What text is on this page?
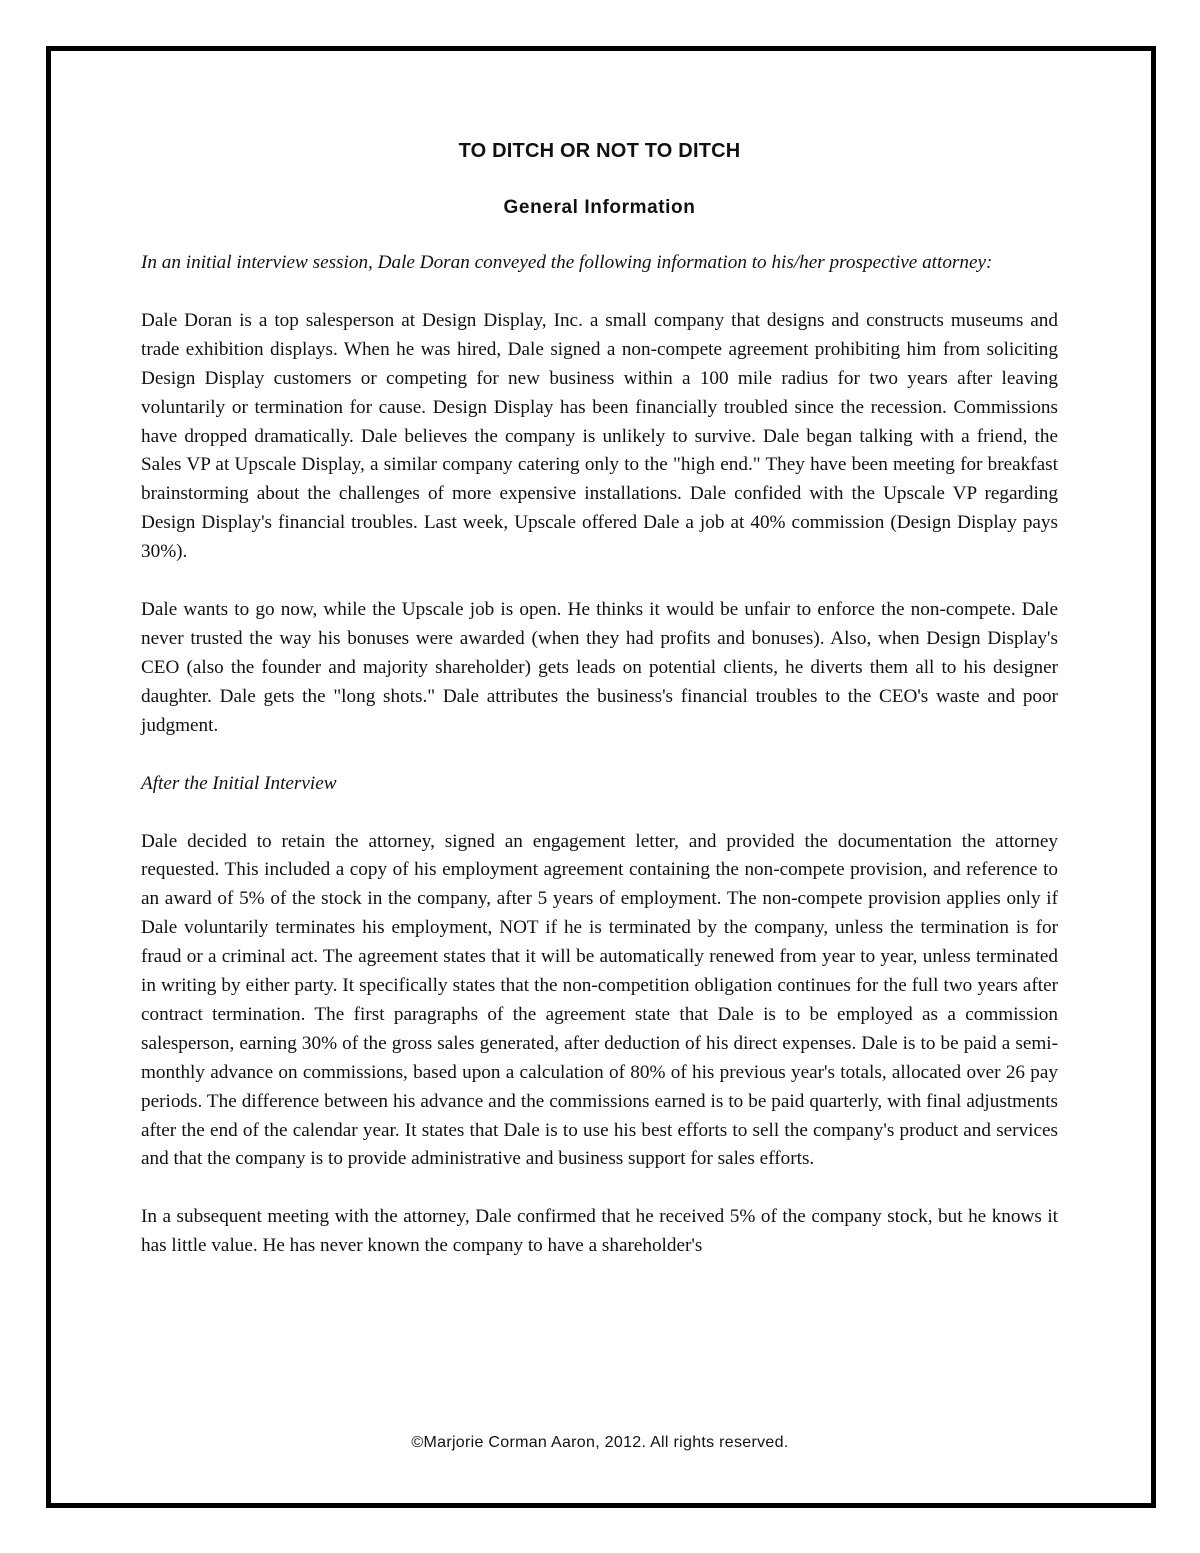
TO DITCH OR NOT TO DITCH
General Information

In an initial interview session, Dale Doran conveyed the following information to his/her prospective attorney:

Dale Doran is a top salesperson at Design Display, Inc. a small company that designs and constructs museums and trade exhibition displays. When he was hired, Dale signed a non-compete agreement prohibiting him from soliciting Design Display customers or competing for new business within a 100 mile radius for two years after leaving voluntarily or termination for cause. Design Display has been financially troubled since the recession. Commissions have dropped dramatically. Dale believes the company is unlikely to survive. Dale began talking with a friend, the Sales VP at Upscale Display, a similar company catering only to the "high end." They have been meeting for breakfast brainstorming about the challenges of more expensive installations. Dale confided with the Upscale VP regarding Design Display's financial troubles. Last week, Upscale offered Dale a job at 40% commission (Design Display pays 30%).

Dale wants to go now, while the Upscale job is open. He thinks it would be unfair to enforce the non-compete. Dale never trusted the way his bonuses were awarded (when they had profits and bonuses). Also, when Design Display's CEO (also the founder and majority shareholder) gets leads on potential clients, he diverts them all to his designer daughter. Dale gets the "long shots." Dale attributes the business's financial troubles to the CEO's waste and poor judgment.

After the Initial Interview

Dale decided to retain the attorney, signed an engagement letter, and provided the documentation the attorney requested. This included a copy of his employment agreement containing the non-compete provision, and reference to an award of 5% of the stock in the company, after 5 years of employment. The non-compete provision applies only if Dale voluntarily terminates his employment, NOT if he is terminated by the company, unless the termination is for fraud or a criminal act. The agreement states that it will be automatically renewed from year to year, unless terminated in writing by either party. It specifically states that the non-competition obligation continues for the full two years after contract termination. The first paragraphs of the agreement state that Dale is to be employed as a commission salesperson, earning 30% of the gross sales generated, after deduction of his direct expenses. Dale is to be paid a semi-monthly advance on commissions, based upon a calculation of 80% of his previous year's totals, allocated over 26 pay periods. The difference between his advance and the commissions earned is to be paid quarterly, with final adjustments after the end of the calendar year. It states that Dale is to use his best efforts to sell the company's product and services and that the company is to provide administrative and business support for sales efforts.

In a subsequent meeting with the attorney, Dale confirmed that he received 5% of the company stock, but he knows it has little value. He has never known the company to have a shareholder's

©Marjorie Corman Aaron, 2012. All rights reserved.
